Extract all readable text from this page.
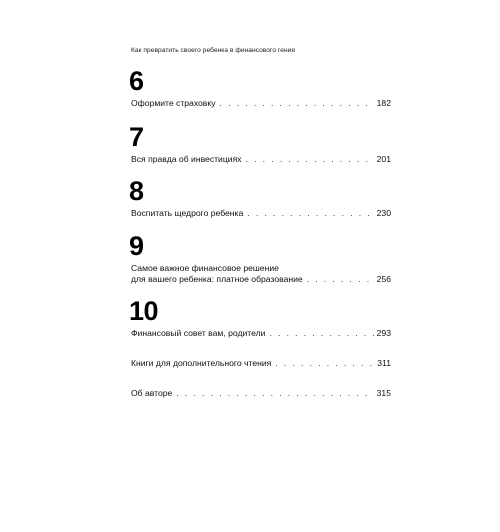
Как превратить своего ребенка в финансового гения
6
Оформите страховку . . .	182
7
Вся правда об инвестициях . . .	201
8
Воспитать щедрого ребенка . . .	230
9
Самое важное финансовое решение
для вашего ребенка: платное образование . . .	256
10
Финансовый совет вам, родители . . .	293
Книги для дополнительного чтения . . .	311
Об авторе . . .	315
